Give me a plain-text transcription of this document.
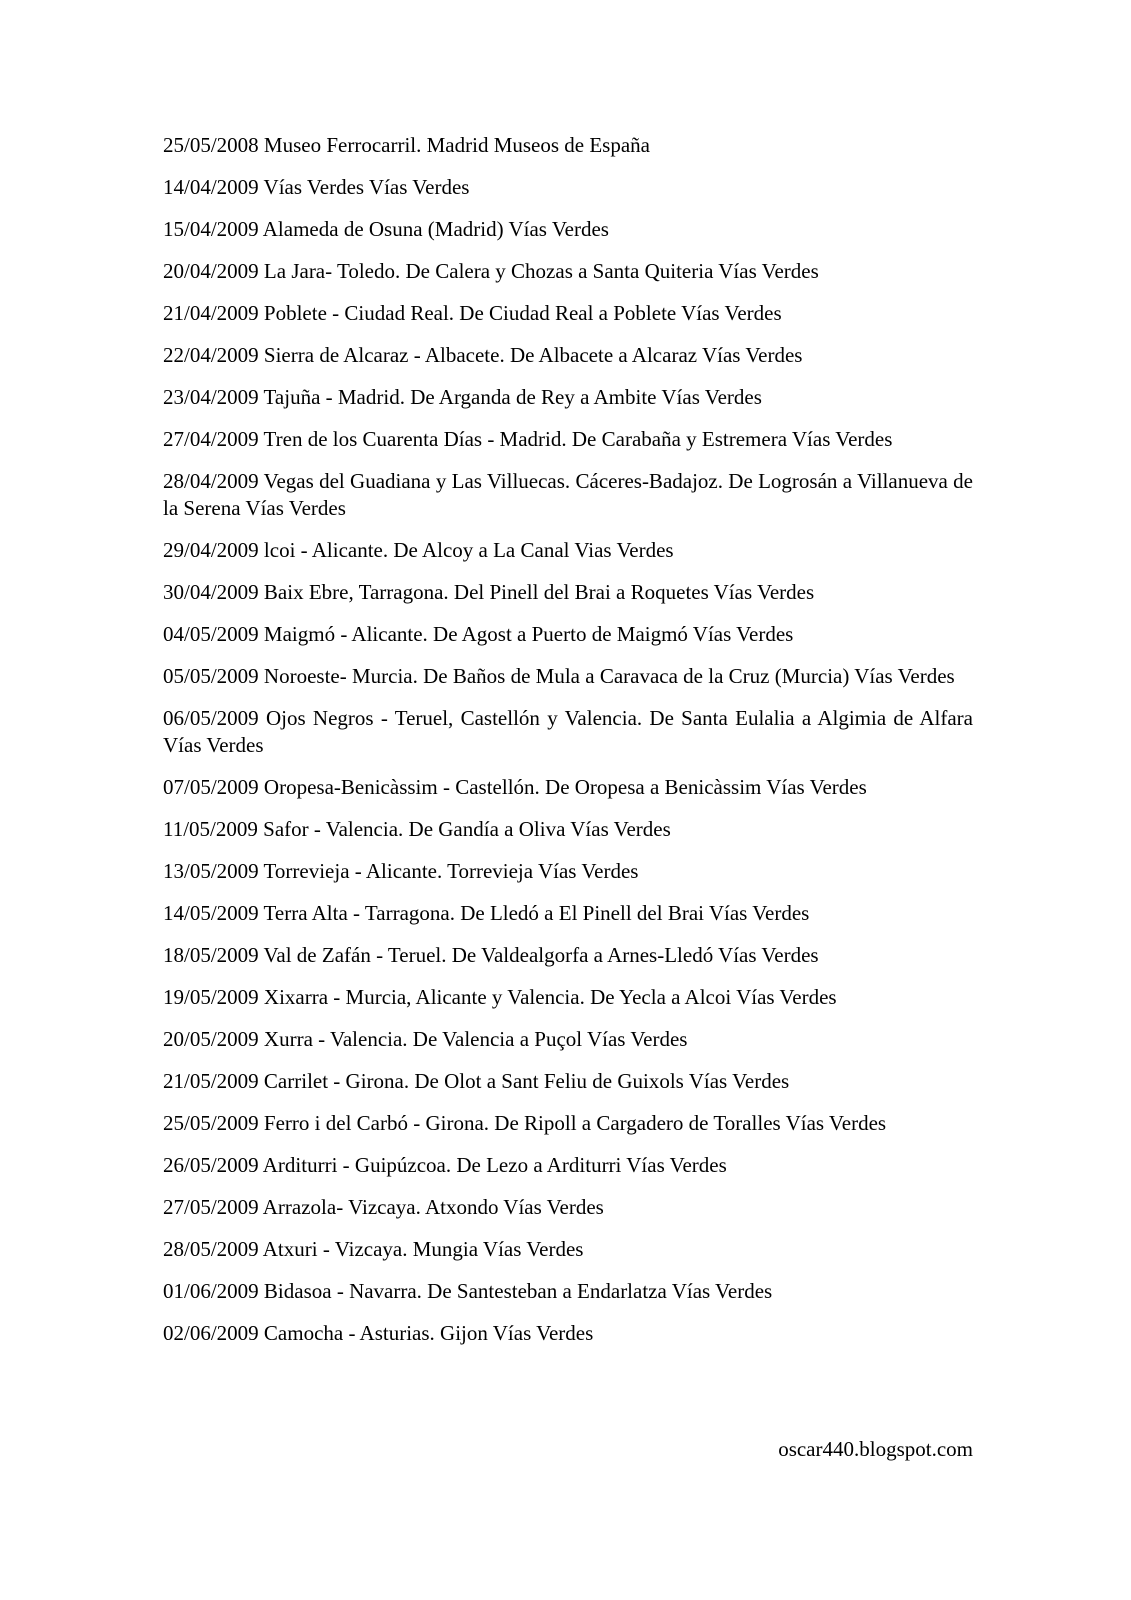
25/05/2008 Museo Ferrocarril. Madrid Museos de España
14/04/2009 Vías Verdes Vías Verdes
15/04/2009 Alameda de Osuna (Madrid) Vías Verdes
20/04/2009 La Jara- Toledo. De Calera y Chozas a Santa Quiteria Vías Verdes
21/04/2009 Poblete - Ciudad Real. De Ciudad Real a Poblete Vías Verdes
22/04/2009 Sierra de Alcaraz - Albacete. De Albacete a Alcaraz Vías Verdes
23/04/2009 Tajuña - Madrid. De Arganda de Rey a Ambite Vías Verdes
27/04/2009 Tren de los Cuarenta Días - Madrid. De Carabaña y Estremera Vías Verdes
28/04/2009 Vegas del Guadiana y Las Villuecas. Cáceres-Badajoz. De Logrosán a Villanueva de la Serena Vías Verdes
29/04/2009 lcoi - Alicante. De Alcoy a La Canal Vias Verdes
30/04/2009 Baix Ebre, Tarragona. Del Pinell del Brai a Roquetes Vías Verdes
04/05/2009 Maigmó - Alicante. De Agost a Puerto de Maigmó Vías Verdes
05/05/2009 Noroeste- Murcia. De Baños de Mula a Caravaca de la Cruz (Murcia) Vías Verdes
06/05/2009 Ojos Negros - Teruel, Castellón y Valencia. De Santa Eulalia a Algimia de Alfara Vías Verdes
07/05/2009 Oropesa-Benicàssim - Castellón. De Oropesa a Benicàssim Vías Verdes
11/05/2009 Safor - Valencia. De Gandía a Oliva Vías Verdes
13/05/2009 Torrevieja - Alicante. Torrevieja Vías Verdes
14/05/2009 Terra Alta - Tarragona. De Lledó a El Pinell del Brai Vías Verdes
18/05/2009 Val de Zafán - Teruel. De Valdealgorfa a Arnes-Lledó Vías Verdes
19/05/2009 Xixarra - Murcia, Alicante y Valencia. De Yecla a Alcoi Vías Verdes
20/05/2009 Xurra - Valencia. De Valencia a Puçol Vías Verdes
21/05/2009 Carrilet - Girona. De Olot a Sant Feliu de Guixols Vías Verdes
25/05/2009 Ferro i del Carbó - Girona. De Ripoll a Cargadero de Toralles Vías Verdes
26/05/2009 Arditurri - Guipúzcoa. De Lezo a Arditurri Vías Verdes
27/05/2009 Arrazola- Vizcaya. Atxondo Vías Verdes
28/05/2009 Atxuri - Vizcaya. Mungia Vías Verdes
01/06/2009 Bidasoa - Navarra. De Santesteban a Endarlatza Vías Verdes
02/06/2009 Camocha - Asturias. Gijon Vías Verdes
oscar440.blogspot.com
